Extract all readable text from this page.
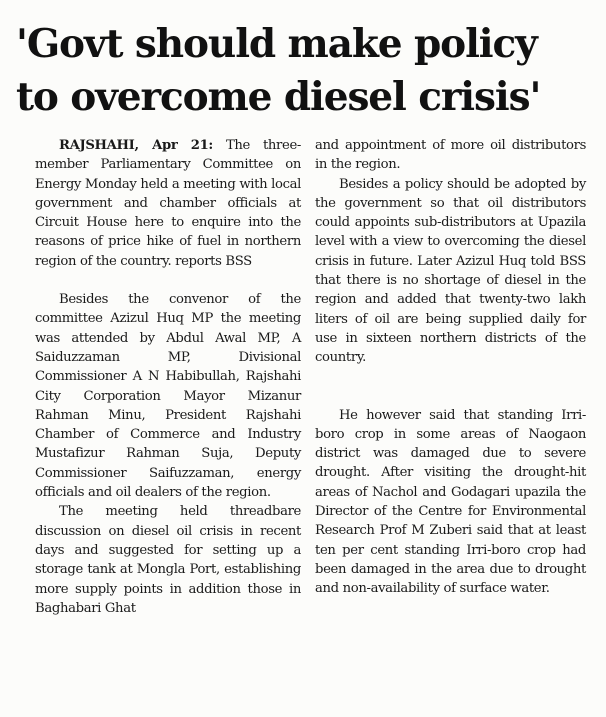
'Govt should make policy
to overcome diesel crisis'

RAJSHAHI, Apr 21: The three-member Parliamentary Committee on Energy Monday held a meeting with local government and chamber officials at Circuit House here to enquire into the reasons of price hike of fuel in northern region of the country. reports BSS

Besides the convenor of the committee Azizul Huq MP the meeting was attended by Abdul Awal MP, A Saiduzzaman MP, Divisional Commissioner A N Habibullah, Rajshahi City Corporation Mayor Mizanur Rahman Minu, President Rajshahi Chamber of Commerce and Industry Mustafizur Rahman Suja, Deputy Commissioner Saifuzzaman, energy officials and oil dealers of the region.

The meeting held threadbare discussion on diesel oil crisis in recent days and suggested for setting up a storage tank at Mongla Port, establishing more supply points in addition those in Baghabari Ghat

and appointment of more oil distributors in the region.

Besides a policy should be adopted by the government so that oil distributors could appoints sub-distributors at Upazila level with a view to overcoming the diesel crisis in future. Later Azizul Huq told BSS that there is no shortage of diesel in the region and added that twenty-two lakh liters of oil are being supplied daily for use in sixteen northern districts of the country.

He however said that standing Irri-boro crop in some areas of Naogaon district was damaged due to severe drought. After visiting the drought-hit areas of Nachol and Godagari upazila the Director of the Centre for Environmental Research Prof M Zuberi said that at least ten per cent standing Irri-boro crop had been damaged in the area due to drought and non-availability of surface water.
